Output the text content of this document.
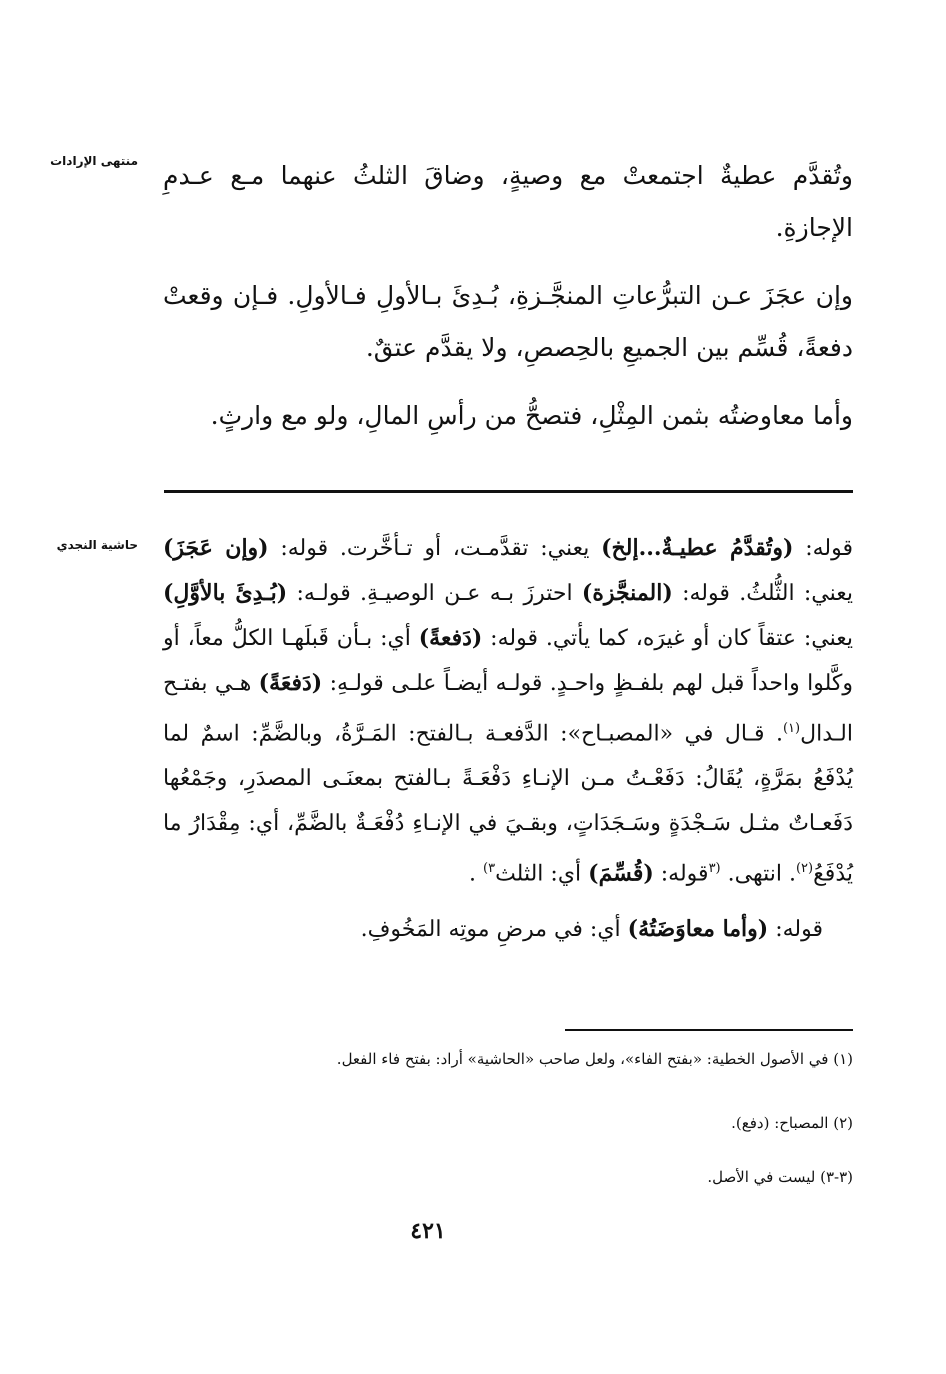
منتهى الإرادات
حاشية النجدي

وتُقدَّم عطيةٌ اجتمعتْ مع وصيةٍ، وضاقَ الثلثُ عنهما مـع عـدمِ الإجازةِ.

وإن عجَزَ عـن التبرُّعاتِ المنجَّـزةِ، بُـدِئَ بـالأولِ فـالأولِ. فـإن وقعتْ دفعةً، قُسِّم بين الجميعِ بالحِصصِ، ولا يقدَّم عتقٌ.

وأما معاوضتُه بثمن المِثْلِ، فتصحُّ من رأسِ المالِ، ولو مع وارثٍ.

قوله: (وتُقدَّمُ عطيـةٌ...إلخ) يعني: تقدَّمـت، أو تـأخَّرت. قوله: (وإن عَجَزَ) يعني: الثُّلثُ. قوله: (المنجَّزة) احترزَ بـه عـن الوصيـةِ. قولـه: (بُـدِئَ بالأوَّلِ) يعني: عتقاً كان أو غيرَه، كما يأتي. قوله: (دَفعةً) أي: بـأن قَبلَهـا الكلُّ معاً، أو وكَّلوا واحداً قبل لهم بلفـظٍ واحـدٍ. قولـه أيضـاً علـى قولـهِ: (دَفعَةً) هـي بفتـح الـدال$^{(١)}$. قـال في «المصبـاح»: الدَّفعـة بـالفتح: المَـرَّةُ، وبالضَّمِّ: اسمٌ لما يُدْفَعُ بمَرَّةٍ، يُقَالُ: دَفَعْـتُ مـن الإنـاءِ دَفْعَـةً بـالفتح بمعنَـى المصدَرِ، وجَمْعُها دَفَعـاتٌ مثـل سَـجْدَةٍ وسَـجَدَاتٍ، وبقـيَ في الإنـاءِ دُفْعَـةٌ بالضَّمِّ، أي: مِقْدَارُ ما يُدْفَعُ$^{(٢)}$. انتهى. $^{(٣}$قوله: (قُسِّمَ) أي: الثلث$^{٣)}$ .

قوله: (وأما معاوَضَتُهُ) أي: في مرضِ موتِه المَخُوفِ.

(١) في الأصول الخطية: «بفتح الفاء»، ولعل صاحب «الحاشية» أراد: بفتح فاء الفعل.

(٢) المصباح: (دفع).

(٣-٣) ليست في الأصل.

٤٢١
